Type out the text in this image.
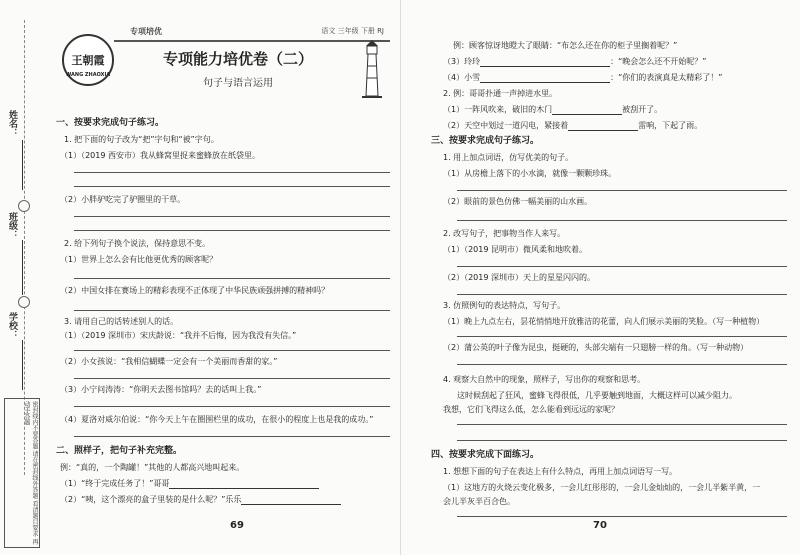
姓名：
班级：
学校：
密封线内不要答题 请在密封线外答题 看清题目要求 再动手答题
王朝霞
WANG ZHAOXIA
专项培优	语文 三年级 下册 RJ
专项能力培优卷（二）
句子与语言运用
一、按要求完成句子练习。
1. 把下面的句子改为“把”字句和“被”字句。
（1）（2019 西安市）我从蜂窝里捉来蜜蜂放在纸袋里。
（2）小胖驴吃完了驴圈里的干草。
2. 给下列句子换个说法，保持意思不变。
（1）世界上怎么会有比他更优秀的顾客呢？
（2）中国女排在赛场上的精彩表现不正体现了中华民族顽强拼搏的精神吗？
3. 请用自己的话转述别人的话。
（1）（2019 深圳市）宋庆龄说：“我并不后悔，因为我没有失信。”
（2）小女孩说：“我相信蝴蝶一定会有一个美丽而香甜的家。”
（3）小宁问涛涛：“你明天去图书馆吗？去的话叫上我。”
（4）夏洛对威尔伯说：“你今天上午在圈围栏里的成功，在很小的程度上也是我的成功。”
二、照样子，把句子补充完整。
例：“真的，一个陶罐！”其他的人都高兴地叫起来。
（1）“终于完成任务了！”哥哥
（2）“咦，这个漂亮的盒子里装的是什么呢？”乐乐
69
例：顾客惊讶地瞪大了眼睛：“布怎么还在你的柜子里搁着呢？”
（3）玲玲	：“晚会怎么还不开始呢？”
（4）小雪	：“你们的表演真是太精彩了！”
2. 例：哥哥扑通一声掉进水里。
（1）一阵风吹来，破旧的木门	被刮开了。
（2）天空中划过一道闪电，紧接着	雷响，下起了雨。
三、按要求完成句子练习。
1. 用上加点词语，仿写优美的句子。
（1）从房檐上落下的小水滴，就像一颗颗珍珠。
（2）眼前的景色仿佛一幅美丽的山水画。
2. 改写句子，把事物当作人来写。
（1）（2019 昆明市）微风柔和地吹着。
（2）（2019 深圳市）天上的星星闪闪的。
3. 仿照例句的表达特点，写句子。
（1）晚上九点左右，昙花悄悄地开放雅洁的花蕾，向人们展示美丽的笑脸。（写一种植物）
（2）蒲公英的叶子像为昆虫，挺硬的，头部尖端有一只翅膀一样的角。（写一种动物）
4. 观察大自然中的现象，照样子，写出你的观察和思考。
这时候刮起了狂风，蜜蜂飞得很低，几乎要触到地面，大概这样可以减少阻力。
我想，它们飞得这么低，怎么能看到远远的家呢？
四、按要求完成下面练习。
1. 想想下面的句子在表达上有什么特点，再用上加点词语写一写。
（1）这地方的火烧云变化极多，一会儿红彤彤的，一会儿金灿灿的，一会儿半紫半黄，一
会儿半灰半百合色。
70
